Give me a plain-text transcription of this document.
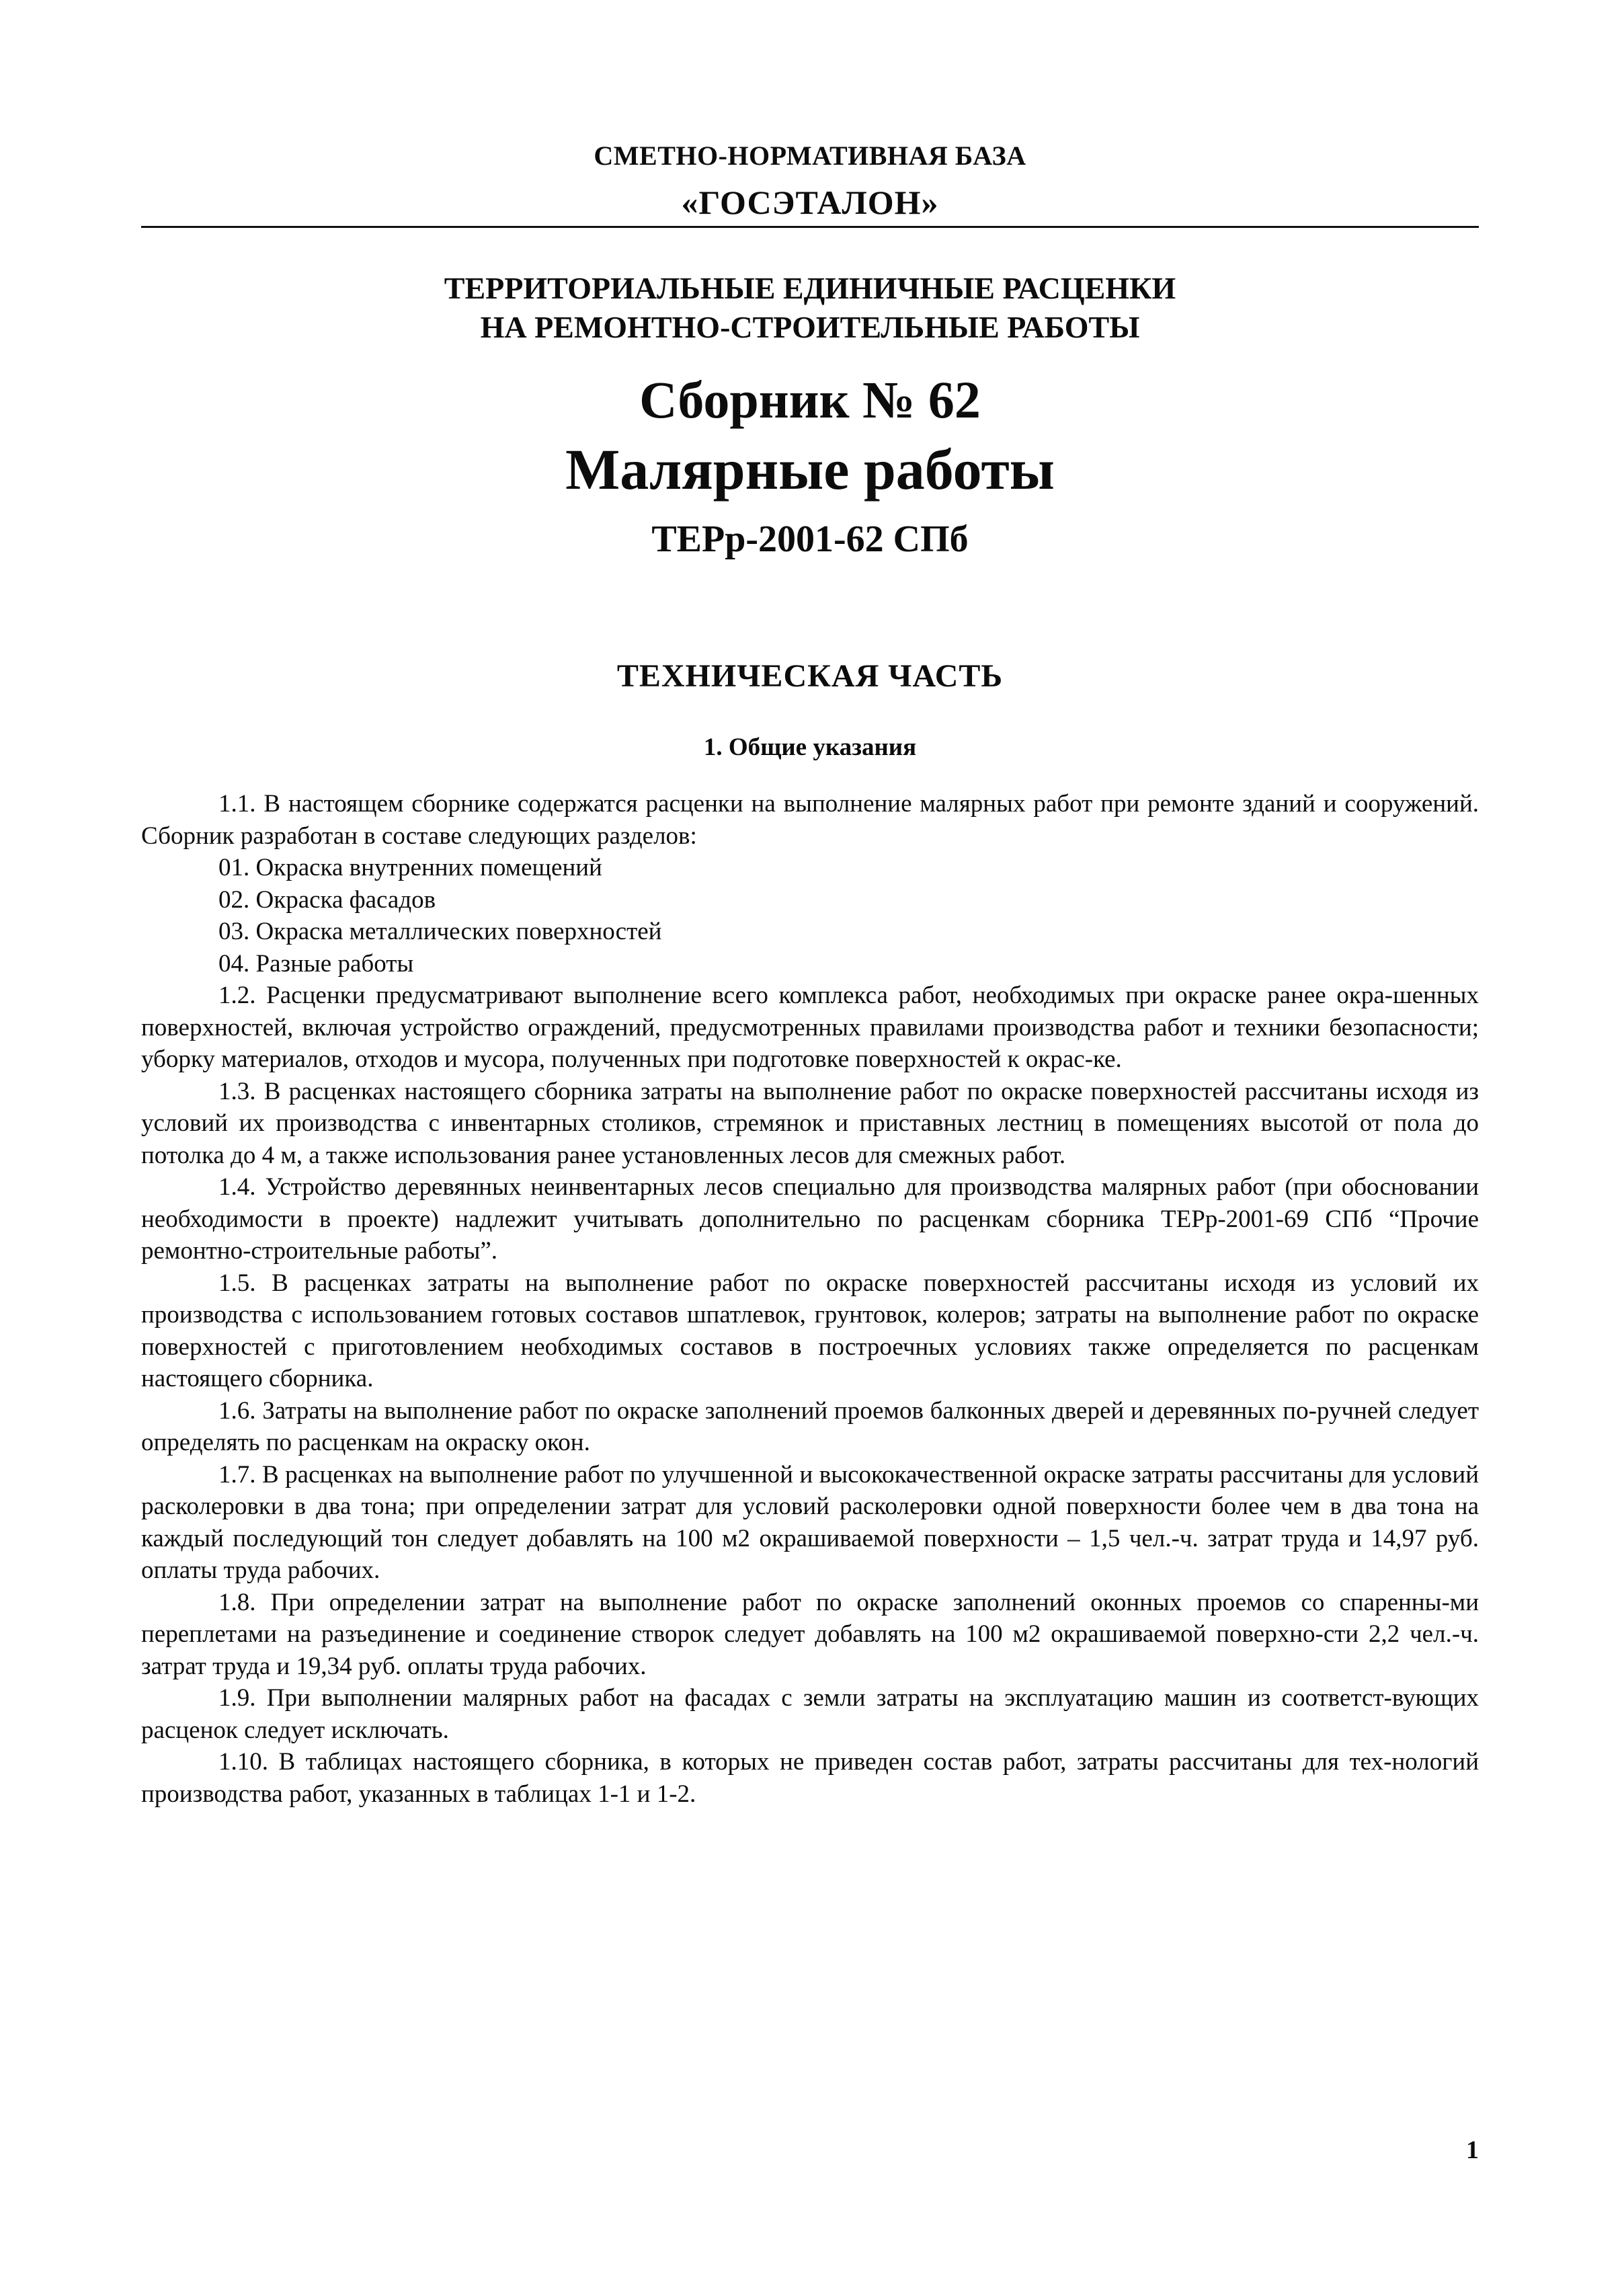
СМЕТНО-НОРМАТИВНАЯ БАЗА
«ГОСЭТАЛОН»
ТЕРРИТОРИАЛЬНЫЕ ЕДИНИЧНЫЕ РАСЦЕНКИ
НА РЕМОНТНО-СТРОИТЕЛЬНЫЕ РАБОТЫ
Сборник № 62
Малярные работы
ТЕРр-2001-62 СПб
ТЕХНИЧЕСКАЯ ЧАСТЬ
1. Общие указания

1.1. В настоящем сборнике содержатся расценки на выполнение малярных работ при ремонте зданий и сооружений. Сборник разработан в составе следующих разделов:

01. Окраска внутренних помещений

02. Окраска фасадов

03. Окраска металлических поверхностей

04. Разные работы

1.2. Расценки предусматривают выполнение всего комплекса работ, необходимых при окраске ранее окра-шенных поверхностей, включая устройство ограждений, предусмотренных правилами производства работ и техники безопасности; уборку материалов, отходов и мусора, полученных при подготовке поверхностей к окрас-ке.

1.3. В расценках настоящего сборника затраты на выполнение работ по окраске поверхностей рассчитаны исходя из условий их производства с инвентарных столиков, стремянок и приставных лестниц в помещениях высотой от пола до потолка до 4 м, а также использования ранее установленных лесов для смежных работ.

1.4. Устройство деревянных неинвентарных лесов специально для производства малярных работ (при обосновании необходимости в проекте) надлежит учитывать дополнительно по расценкам сборника ТЕРр-2001-69 СПб “Прочие ремонтно-строительные работы”.

1.5. В расценках затраты на выполнение работ по окраске поверхностей рассчитаны исходя из условий их производства с использованием готовых составов шпатлевок, грунтовок, колеров; затраты на выполнение работ по окраске поверхностей с приготовлением необходимых составов в построечных условиях также определяется по расценкам настоящего сборника.

1.6. Затраты на выполнение работ по окраске заполнений проемов балконных дверей и деревянных по-ручней следует определять по расценкам на окраску окон.

1.7. В расценках на выполнение работ по улучшенной и высококачественной окраске затраты рассчитаны для условий расколеровки в два тона; при определении затрат для условий расколеровки одной поверхности более чем в два тона на каждый последующий тон следует добавлять на 100 м2 окрашиваемой поверхности – 1,5 чел.-ч. затрат труда и 14,97 руб. оплаты труда рабочих.

1.8. При определении затрат на выполнение работ по окраске заполнений оконных проемов со спаренны-ми переплетами на разъединение и соединение створок следует добавлять на 100 м2 окрашиваемой поверхно-сти 2,2 чел.-ч. затрат труда и 19,34 руб. оплаты труда рабочих.

1.9. При выполнении малярных работ на фасадах с земли затраты на эксплуатацию машин из соответст-вующих расценок следует исключать.

1.10. В таблицах настоящего сборника, в которых не приведен состав работ, затраты рассчитаны для тех-нологий производства работ, указанных в таблицах 1-1 и 1-2.

1
